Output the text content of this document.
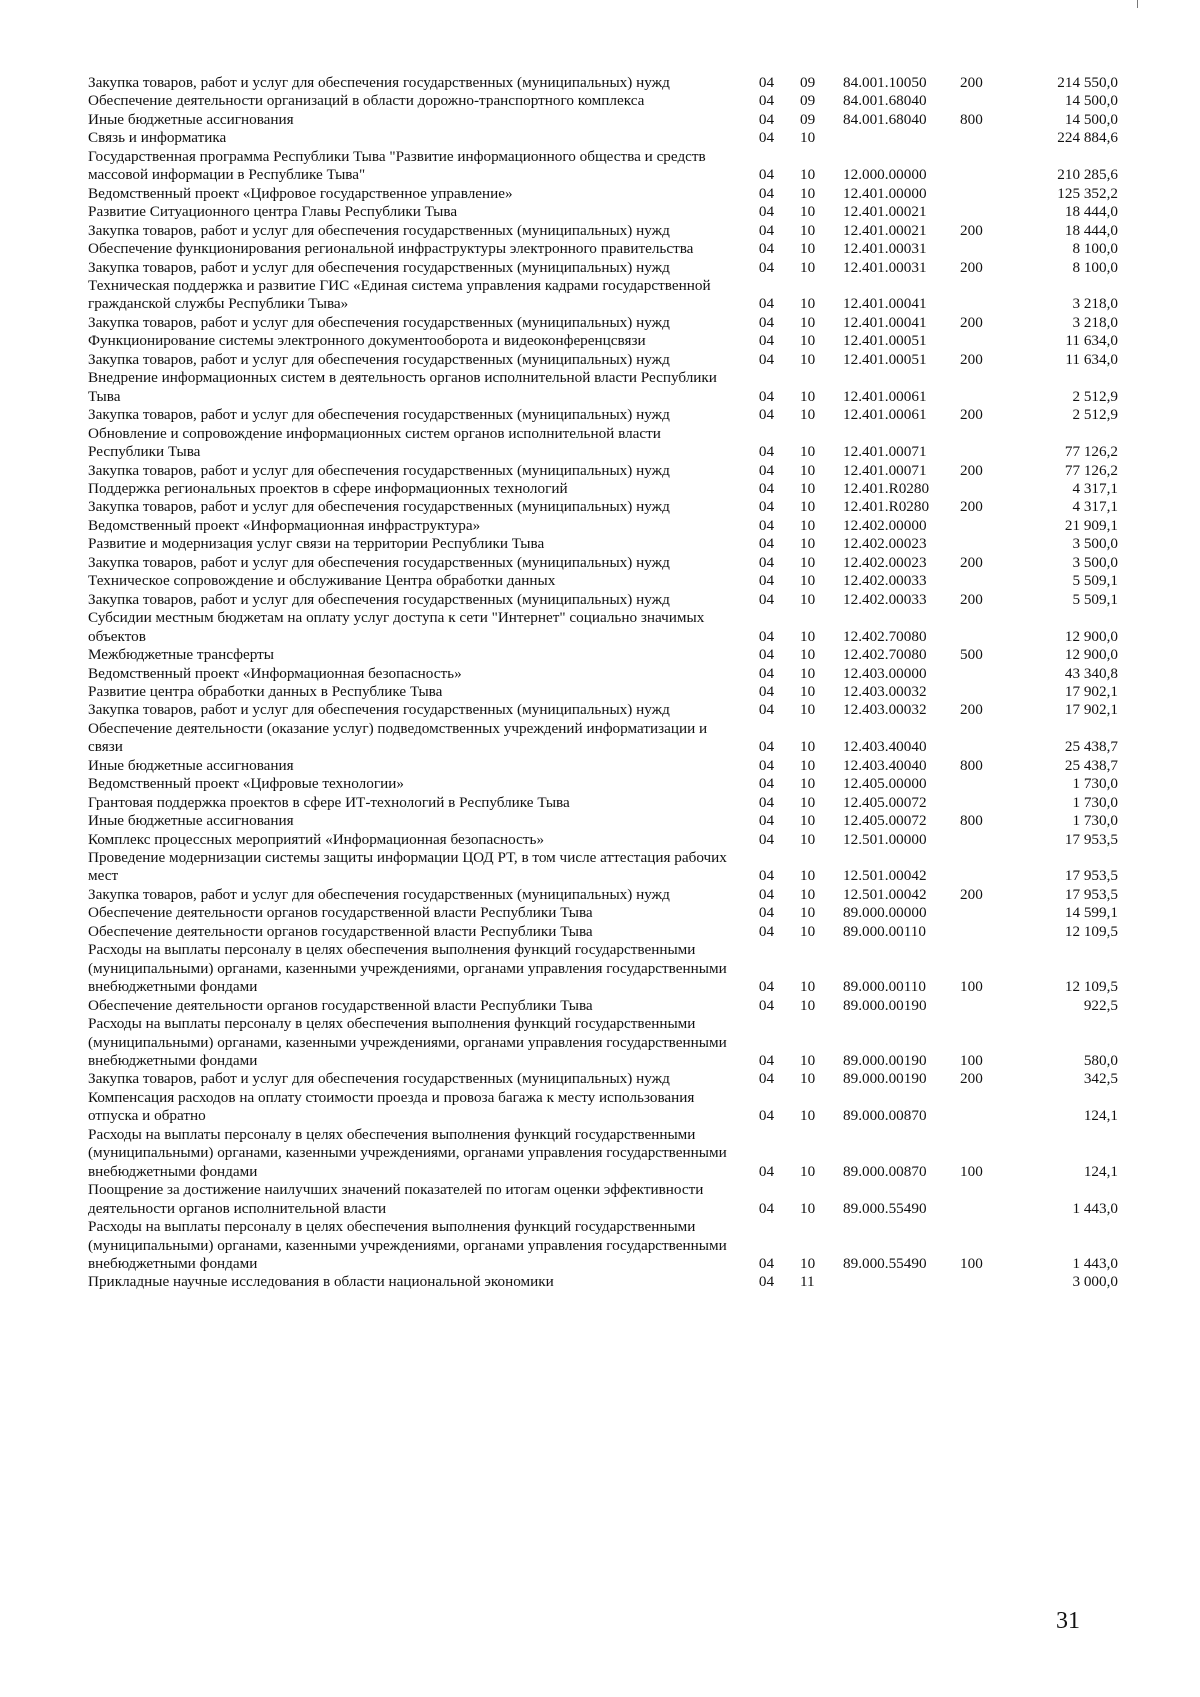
Закупка товаров, работ и услуг для обеспечения государственных (муниципальных) нужд	04	09	84.001.10050	200	214 550,0
Обеспечение деятельности организаций в области дорожно-транспортного комплекса	04	09	84.001.68040		14 500,0
Иные бюджетные ассигнования	04	09	84.001.68040	800	14 500,0
Связь и информатика	04	10			224 884,6
Государственная программа Республики Тыва "Развитие информационного общества и средств массовой информации в Республике Тыва"	04	10	12.000.00000		210 285,6
Ведомственный проект «Цифровое государственное управление»	04	10	12.401.00000		125 352,2
Развитие Ситуационного центра Главы Республики Тыва	04	10	12.401.00021		18 444,0
Закупка товаров, работ и услуг для обеспечения государственных (муниципальных) нужд	04	10	12.401.00021	200	18 444,0
Обеспечение функционирования региональной инфраструктуры электронного правительства	04	10	12.401.00031		8 100,0
Закупка товаров, работ и услуг для обеспечения государственных (муниципальных) нужд	04	10	12.401.00031	200	8 100,0
Техническая поддержка и развитие ГИС «Единая система управления кадрами государственной гражданской службы Республики Тыва»	04	10	12.401.00041		3 218,0
Закупка товаров, работ и услуг для обеспечения государственных (муниципальных) нужд	04	10	12.401.00041	200	3 218,0
Функционирование системы электронного документооборота и видеоконференцсвязи	04	10	12.401.00051		11 634,0
Закупка товаров, работ и услуг для обеспечения государственных (муниципальных) нужд	04	10	12.401.00051	200	11 634,0
Внедрение информационных систем в деятельность органов исполнительной власти Республики Тыва	04	10	12.401.00061		2 512,9
Закупка товаров, работ и услуг для обеспечения государственных (муниципальных) нужд	04	10	12.401.00061	200	2 512,9
Обновление и сопровождение информационных систем органов исполнительной власти Республики Тыва	04	10	12.401.00071		77 126,2
Закупка товаров, работ и услуг для обеспечения государственных (муниципальных) нужд	04	10	12.401.00071	200	77 126,2
Поддержка региональных проектов в сфере информационных технологий	04	10	12.401.R0280		4 317,1
Закупка товаров, работ и услуг для обеспечения государственных (муниципальных) нужд	04	10	12.401.R0280	200	4 317,1
Ведомственный проект «Информационная инфраструктура»	04	10	12.402.00000		21 909,1
Развитие и модернизация услуг связи на территории Республики Тыва	04	10	12.402.00023		3 500,0
Закупка товаров, работ и услуг для обеспечения государственных (муниципальных) нужд	04	10	12.402.00023	200	3 500,0
Техническое сопровождение и обслуживание Центра обработки данных	04	10	12.402.00033		5 509,1
Закупка товаров, работ и услуг для обеспечения государственных (муниципальных) нужд	04	10	12.402.00033	200	5 509,1
Субсидии местным бюджетам на оплату услуг доступа к сети "Интернет" социально значимых объектов	04	10	12.402.70080		12 900,0
Межбюджетные трансферты	04	10	12.402.70080	500	12 900,0
Ведомственный проект «Информационная безопасность»	04	10	12.403.00000		43 340,8
Развитие центра обработки данных в Республике Тыва	04	10	12.403.00032		17 902,1
Закупка товаров, работ и услуг для обеспечения государственных (муниципальных) нужд	04	10	12.403.00032	200	17 902,1
Обеспечение деятельности (оказание услуг) подведомственных учреждений информатизации и связи	04	10	12.403.40040		25 438,7
Иные бюджетные ассигнования	04	10	12.403.40040	800	25 438,7
Ведомственный проект «Цифровые технологии»	04	10	12.405.00000		1 730,0
Грантовая поддержка проектов в сфере ИТ-технологий в Республике Тыва	04	10	12.405.00072		1 730,0
Иные бюджетные ассигнования	04	10	12.405.00072	800	1 730,0
Комплекс процессных мероприятий «Информационная безопасность»	04	10	12.501.00000		17 953,5
Проведение модернизации системы защиты информации ЦОД РТ, в том числе аттестация рабочих мест	04	10	12.501.00042		17 953,5
Закупка товаров, работ и услуг для обеспечения государственных (муниципальных) нужд	04	10	12.501.00042	200	17 953,5
Обеспечение деятельности органов государственной власти Республики Тыва	04	10	89.000.00000		14 599,1
Обеспечение деятельности органов государственной власти Республики Тыва	04	10	89.000.00110		12 109,5
Расходы на выплаты персоналу в целях обеспечения выполнения функций государственными (муниципальными) органами, казенными учреждениями, органами управления государственными внебюджетными фондами	04	10	89.000.00110	100	12 109,5
Обеспечение деятельности органов государственной власти Республики Тыва	04	10	89.000.00190		922,5
Расходы на выплаты персоналу в целях обеспечения выполнения функций государственными (муниципальными) органами, казенными учреждениями, органами управления государственными внебюджетными фондами	04	10	89.000.00190	100	580,0
Закупка товаров, работ и услуг для обеспечения государственных (муниципальных) нужд	04	10	89.000.00190	200	342,5
Компенсация расходов на оплату стоимости проезда и провоза багажа к месту использования отпуска и обратно	04	10	89.000.00870		124,1
Расходы на выплаты персоналу в целях обеспечения выполнения функций государственными (муниципальными) органами, казенными учреждениями, органами управления государственными внебюджетными фондами	04	10	89.000.00870	100	124,1
Поощрение за достижение наилучших значений показателей по итогам оценки эффективности деятельности органов исполнительной власти	04	10	89.000.55490		1 443,0
Расходы на выплаты персоналу в целях обеспечения выполнения функций государственными (муниципальными) органами, казенными учреждениями, органами управления государственными внебюджетными фондами	04	10	89.000.55490	100	1 443,0
Прикладные научные исследования в области национальной экономики	04	11			3 000,0
31
